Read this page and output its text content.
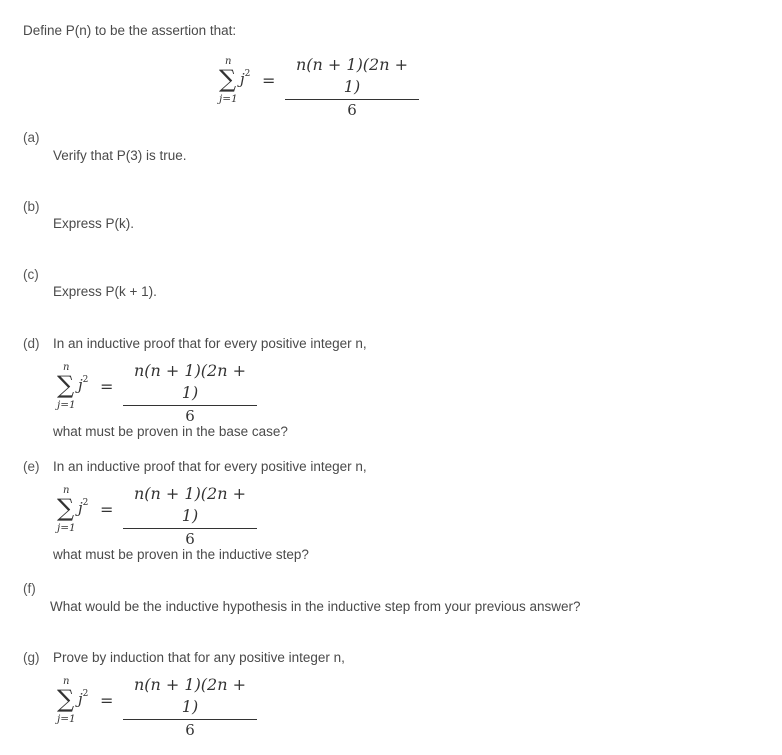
Define P(n) to be the assertion that:
n
∑
j=1
$j^2 = \frac{n(n + 1)(2n + 1)}{6}$
(a)
Verify that P(3) is true.
(b)
Express P(k).
(c)
Express P(k + 1).
(d) In an inductive proof that for every positive integer n,
n
∑
j=1
$j^2 = \frac{n(n + 1)(2n + 1)}{6}$
what must be proven in the base case?
(e) In an inductive proof that for every positive integer n,
n
∑
j=1
$j^2 = \frac{n(n + 1)(2n + 1)}{6}$
what must be proven in the inductive step?
(f)
What would be the inductive hypothesis in the inductive step from your previous answer?
(g) Prove by induction that for any positive integer n,
n
∑
j=1
$j^2 = \frac{n(n + 1)(2n + 1)}{6}$
